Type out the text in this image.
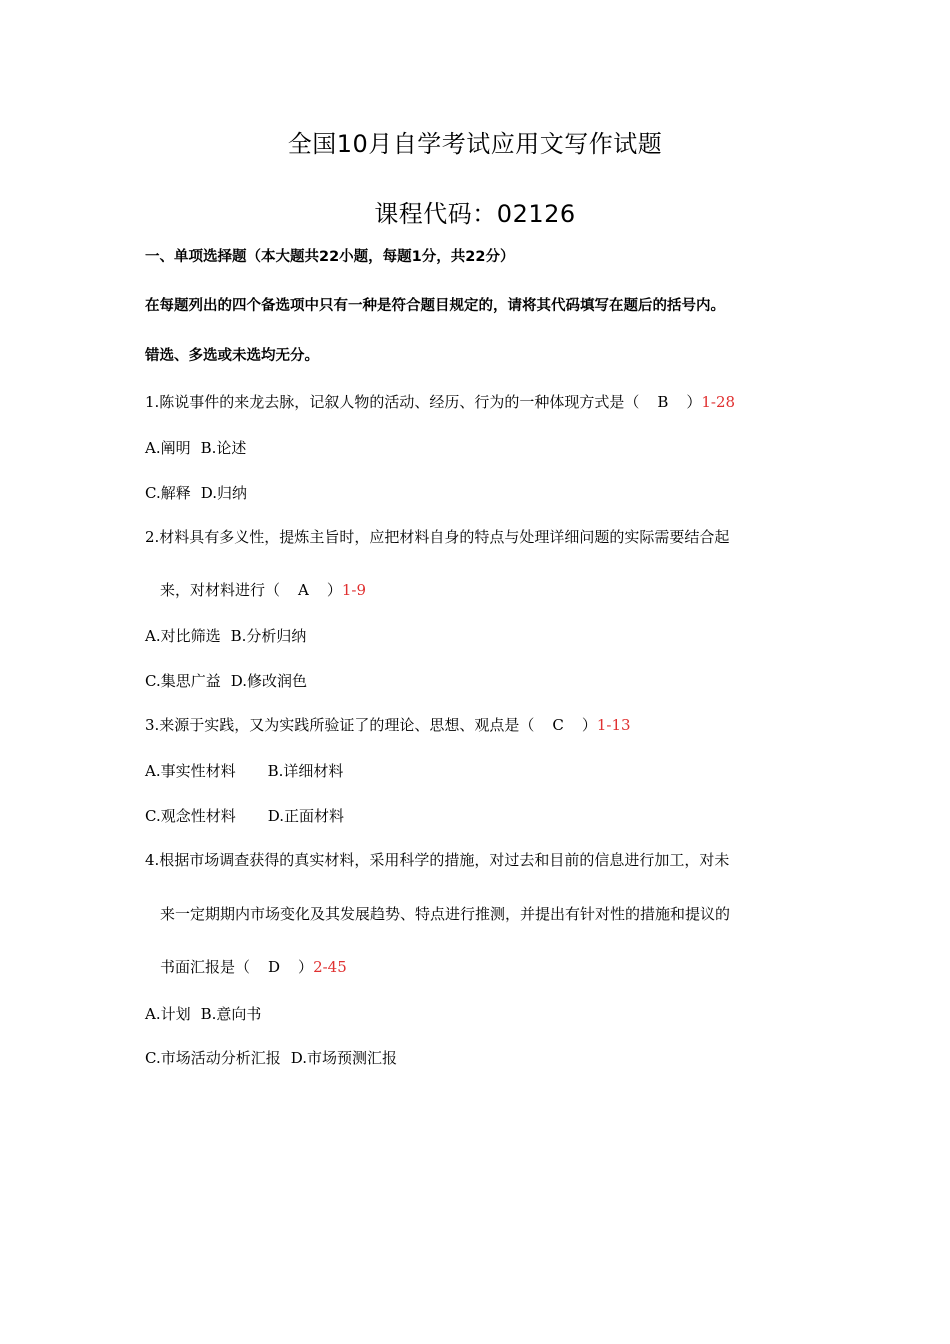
全国10月自学考试应用文写作试题
课程代码：02126
一、单项选择题（本大题共22小题，每题1分，共22分）
在每题列出的四个备选项中只有一种是符合题目规定的，请将其代码填写在题后的括号内。
错选、多选或未选均无分。
1.陈说事件的来龙去脉，记叙人物的活动、经历、行为的一种体现方式是（ B ）1-28
A.阐明 B.论述
C.解释 D.归纳
2.材料具有多义性，提炼主旨时，应把材料自身的特点与处理详细问题的实际需要结合起
来，对材料进行（ A ）1-9
A.对比筛选 B.分析归纳
C.集思广益 D.修改润色
3.来源于实践，又为实践所验证了的理论、思想、观点是（ C ）1-13
A.事实性材料 B.详细材料
C.观念性材料 D.正面材料
4.根据市场调查获得的真实材料，采用科学的措施，对过去和目前的信息进行加工，对未
来一定期期内市场变化及其发展趋势、特点进行推测，并提出有针对性的措施和提议的
书面汇报是（ D ）2-45
A.计划 B.意向书
C.市场活动分析汇报 D.市场预测汇报
